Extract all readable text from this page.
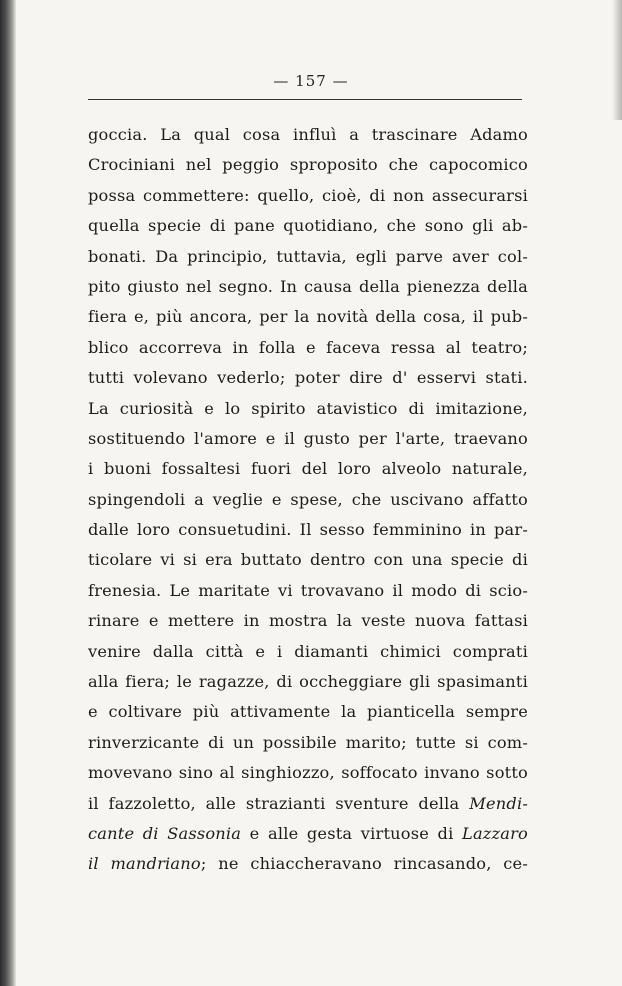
— 157 —
goccia. La qual cosa influì a trascinare Adamo
Crociniani nel peggio sproposito che capocomico
possa commettere: quello, cioè, di non assecurarsi
quella specie di pane quotidiano, che sono gli ab-
bonati. Da principio, tuttavia, egli parve aver col-
pito giusto nel segno. In causa della pienezza della
fiera e, più ancora, per la novità della cosa, il pub-
blico accorreva in folla e faceva ressa al teatro;
tutti volevano vederlo; poter dire d' esservi stati.
La curiosità e lo spirito atavistico di imitazione,
sostituendo l'amore e il gusto per l'arte, traevano
i buoni fossaltesi fuori del loro alveolo naturale,
spingendoli a veglie e spese, che uscivano affatto
dalle loro consuetudini. Il sesso femminino in par-
ticolare vi si era buttato dentro con una specie di
frenesia. Le maritate vi trovavano il modo di scio-
rinare e mettere in mostra la veste nuova fattasi
venire dalla città e i diamanti chimici comprati
alla fiera; le ragazze, di occheggiare gli spasimanti
e coltivare più attivamente la pianticella sempre
rinverzicante di un possibile marito; tutte si com-
movevano sino al singhiozzo, soffocato invano sotto
il fazzoletto, alle strazianti sventure della Mendi-
cante di Sassonia e alle gesta virtuose di Lazzaro
il mandriano; ne chiaccheravano rincasando, ce-
